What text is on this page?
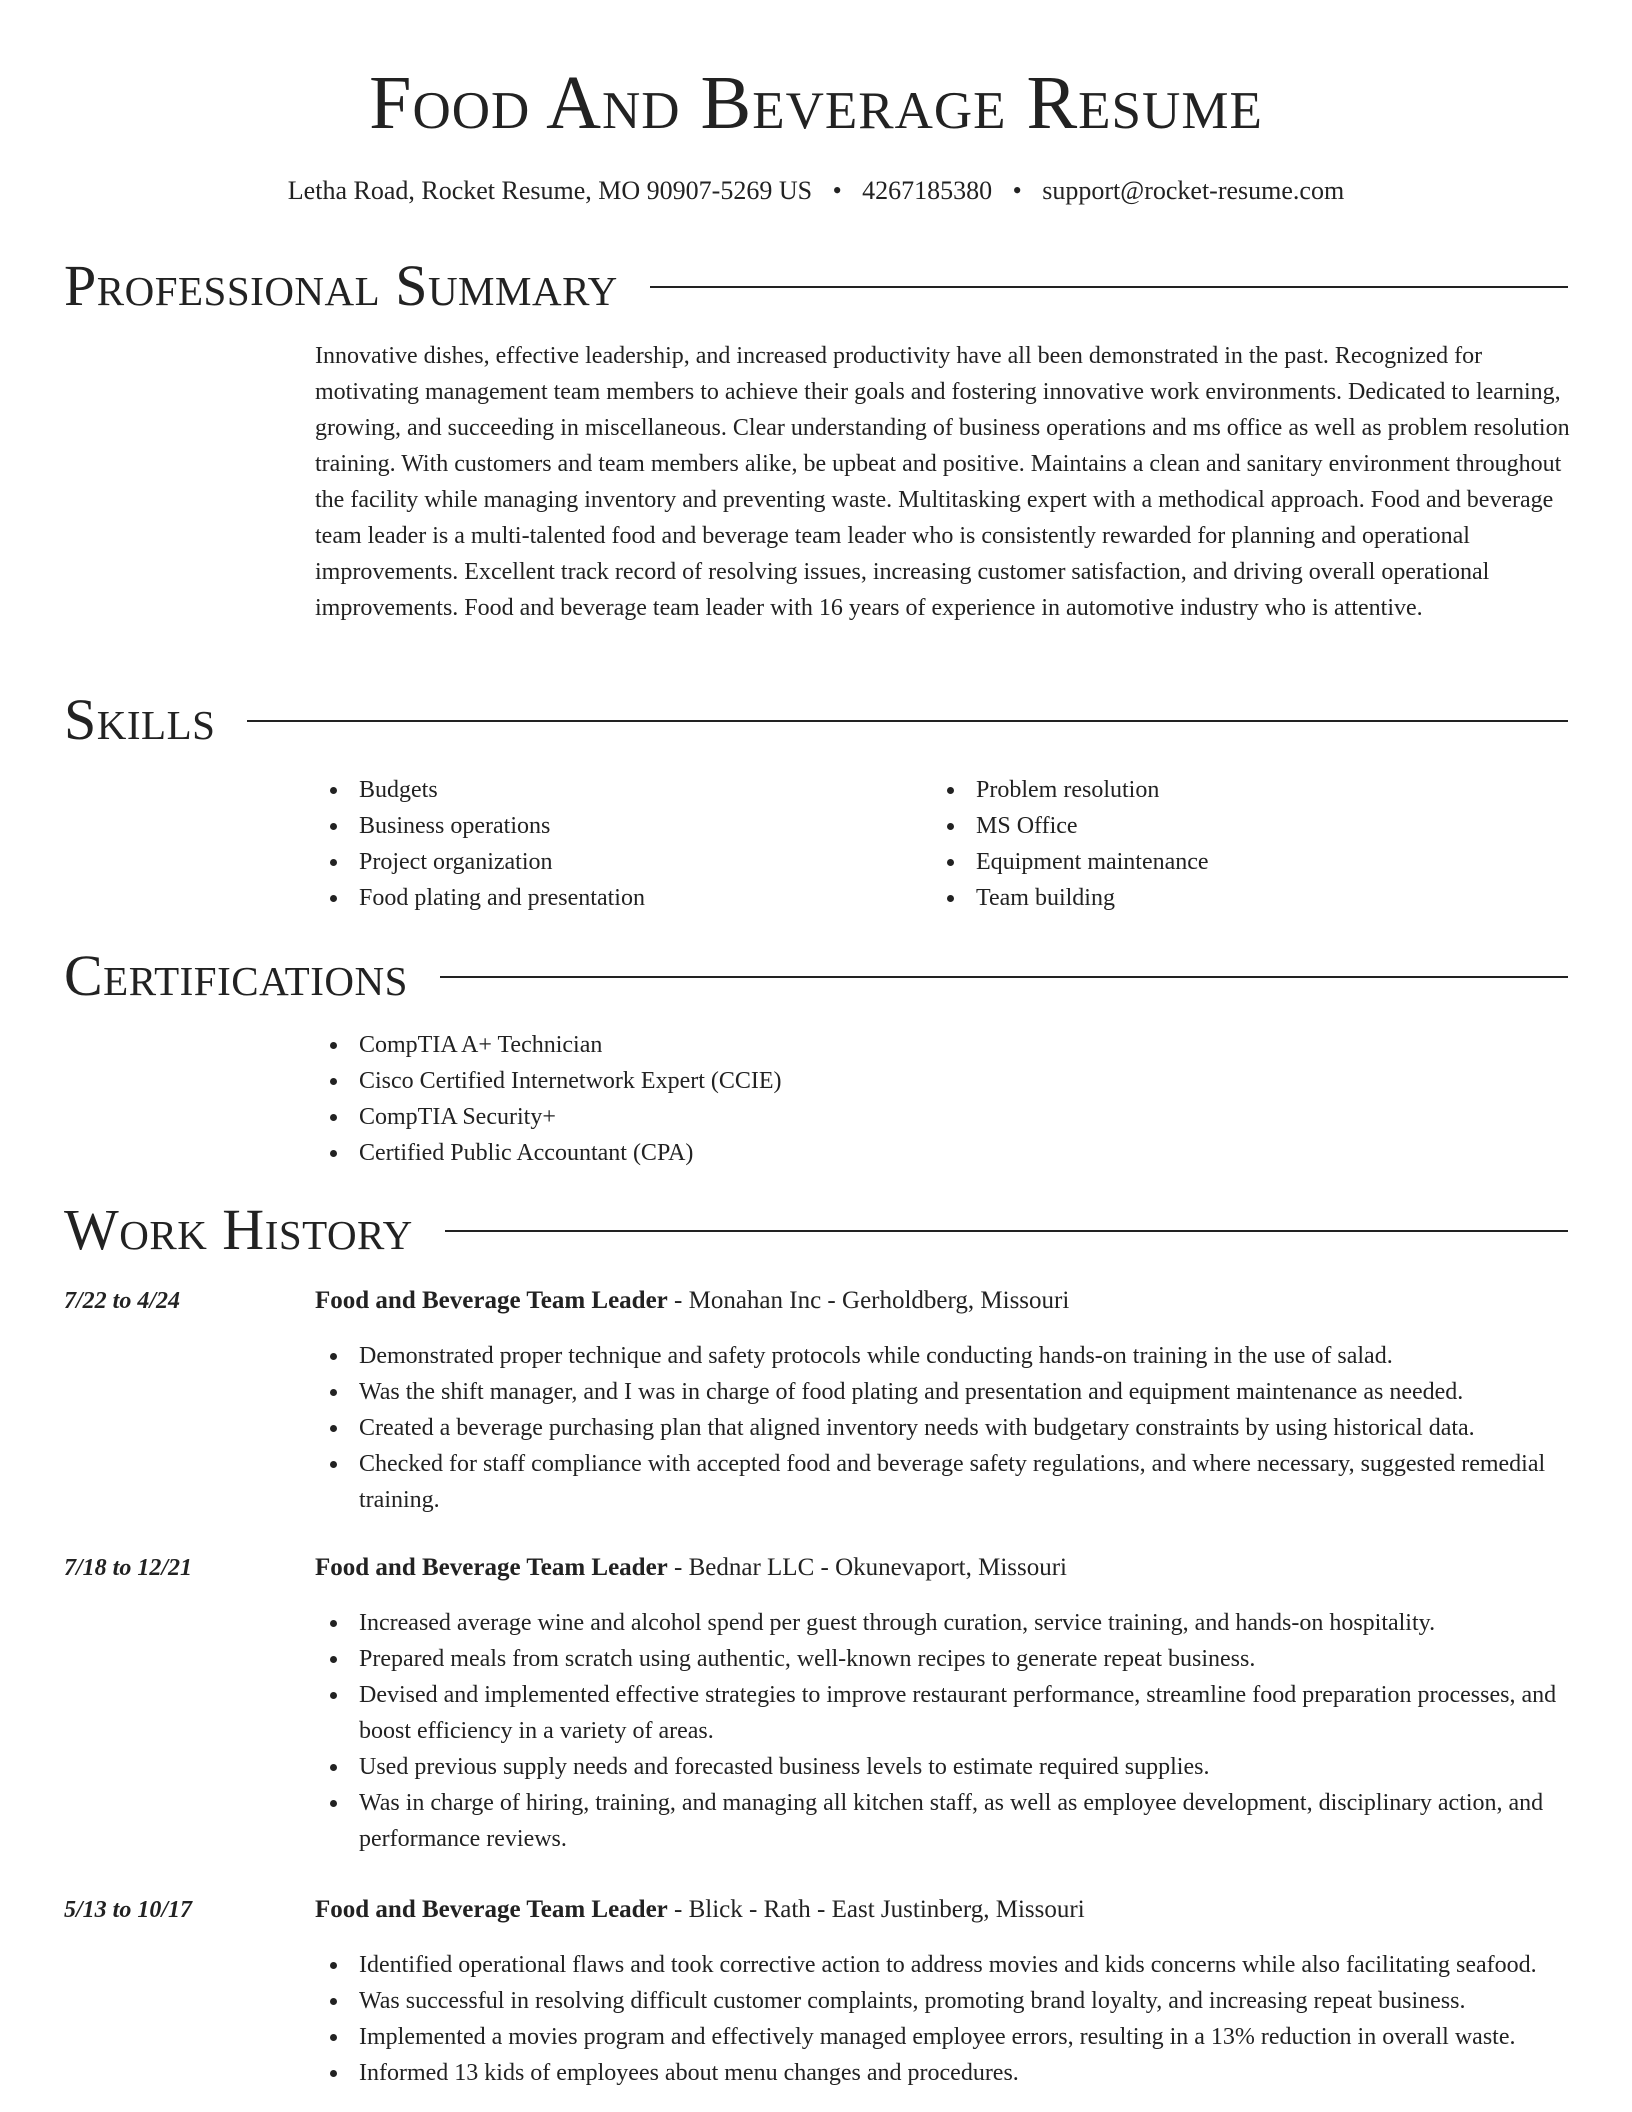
Food And Beverage Resume
Letha Road, Rocket Resume, MO 90907-5269 US • 4267185380 • support@rocket-resume.com
Professional Summary

Innovative dishes, effective leadership, and increased productivity have all been demonstrated in the past. Recognized for motivating management team members to achieve their goals and fostering innovative work environments. Dedicated to learning, growing, and succeeding in miscellaneous. Clear understanding of business operations and ms office as well as problem resolution training. With customers and team members alike, be upbeat and positive. Maintains a clean and sanitary environment throughout the facility while managing inventory and preventing waste. Multitasking expert with a methodical approach. Food and beverage team leader is a multi-talented food and beverage team leader who is consistently rewarded for planning and operational improvements. Excellent track record of resolving issues, increasing customer satisfaction, and driving overall operational improvements. Food and beverage team leader with 16 years of experience in automotive industry who is attentive.

Skills
Budgets
Business operations
Project organization
Food plating and presentation
Problem resolution
MS Office
Equipment maintenance
Team building
Certifications
CompTIA A+ Technician
Cisco Certified Internetwork Expert (CCIE)
CompTIA Security+
Certified Public Accountant (CPA)
Work History
7/22 to 4/24	Food and Beverage Team Leader - Monahan Inc - Gerholdberg, Missouri
Demonstrated proper technique and safety protocols while conducting hands-on training in the use of salad.
Was the shift manager, and I was in charge of food plating and presentation and equipment maintenance as needed.
Created a beverage purchasing plan that aligned inventory needs with budgetary constraints by using historical data.
Checked for staff compliance with accepted food and beverage safety regulations, and where necessary, suggested remedial training.
7/18 to 12/21	Food and Beverage Team Leader - Bednar LLC - Okunevaport, Missouri
Increased average wine and alcohol spend per guest through curation, service training, and hands-on hospitality.
Prepared meals from scratch using authentic, well-known recipes to generate repeat business.
Devised and implemented effective strategies to improve restaurant performance, streamline food preparation processes, and boost efficiency in a variety of areas.
Used previous supply needs and forecasted business levels to estimate required supplies.
Was in charge of hiring, training, and managing all kitchen staff, as well as employee development, disciplinary action, and performance reviews.
5/13 to 10/17	Food and Beverage Team Leader - Blick - Rath - East Justinberg, Missouri
Identified operational flaws and took corrective action to address movies and kids concerns while also facilitating seafood.
Was successful in resolving difficult customer complaints, promoting brand loyalty, and increasing repeat business.
Implemented a movies program and effectively managed employee errors, resulting in a 13% reduction in overall waste.
Informed 13 kids of employees about menu changes and procedures.
